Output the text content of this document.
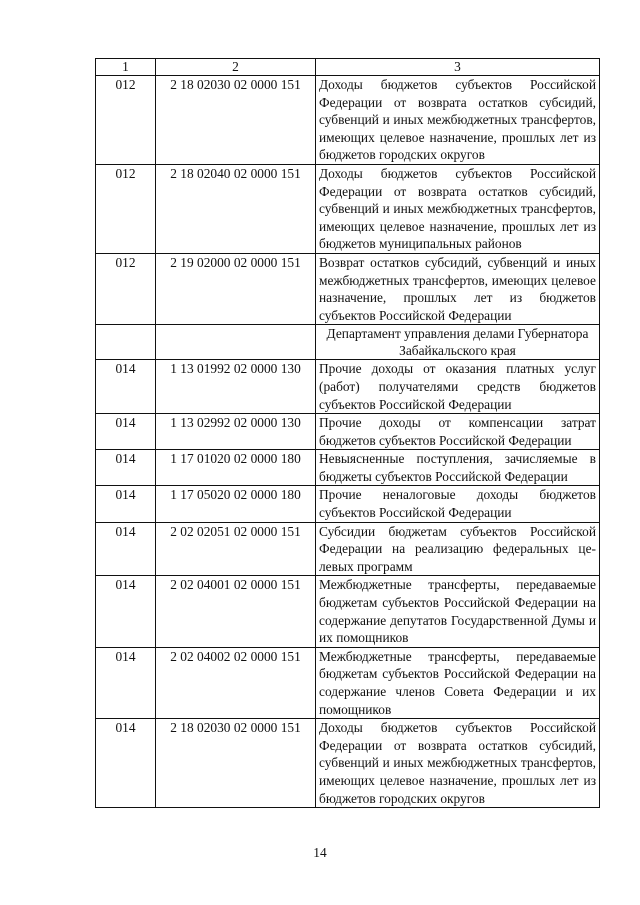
1	2	3
012	2 18 02030 02 0000 151	Доходы бюджетов субъектов Российской Федерации от возврата остатков субсидий, субвенций и иных межбюджетных трансфертов, имеющих целевое назначение, прошлых лет из бюджетов городских округов
012	2 18 02040 02 0000 151	Доходы бюджетов субъектов Российской Федерации от возврата остатков субсидий, субвенций и иных межбюджетных трансфертов, имеющих целевое назначение, прошлых лет из бюджетов муниципальных районов
012	2 19 02000 02 0000 151	Возврат остатков субсидий, субвенций и иных межбюджетных трансфертов, имеющих целевое назначение, прошлых лет из бюджетов субъектов Российской Федерации
		Департамент управления делами Губернатора Забайкальского края
014	1 13 01992 02 0000 130	Прочие доходы от оказания платных услуг (работ) получателями средств бюджетов субъектов Российской Федерации
014	1 13 02992 02 0000 130	Прочие доходы от компенсации затрат бюджетов субъектов Российской Федерации
014	1 17 01020 02 0000 180	Невыясненные поступления, зачисляемые в бюджеты субъектов Российской Федерации
014	1 17 05020 02 0000 180	Прочие неналоговые доходы бюджетов субъектов Российской Федерации
014	2 02 02051 02 0000 151	Субсидии бюджетам субъектов Российской Федерации на реализацию федеральных целевых программ
014	2 02 04001 02 0000 151	Межбюджетные трансферты, передаваемые бюджетам субъектов Российской Федерации на содержание депутатов Государственной Думы и их помощников
014	2 02 04002 02 0000 151	Межбюджетные трансферты, передаваемые бюджетам субъектов Российской Федерации на содержание членов Совета Федерации и их помощников
014	2 18 02030 02 0000 151	Доходы бюджетов субъектов Российской Федерации от возврата остатков субсидий, субвенций и иных межбюджетных трансфертов, имеющих целевое назначение, прошлых лет из бюджетов городских округов
14
